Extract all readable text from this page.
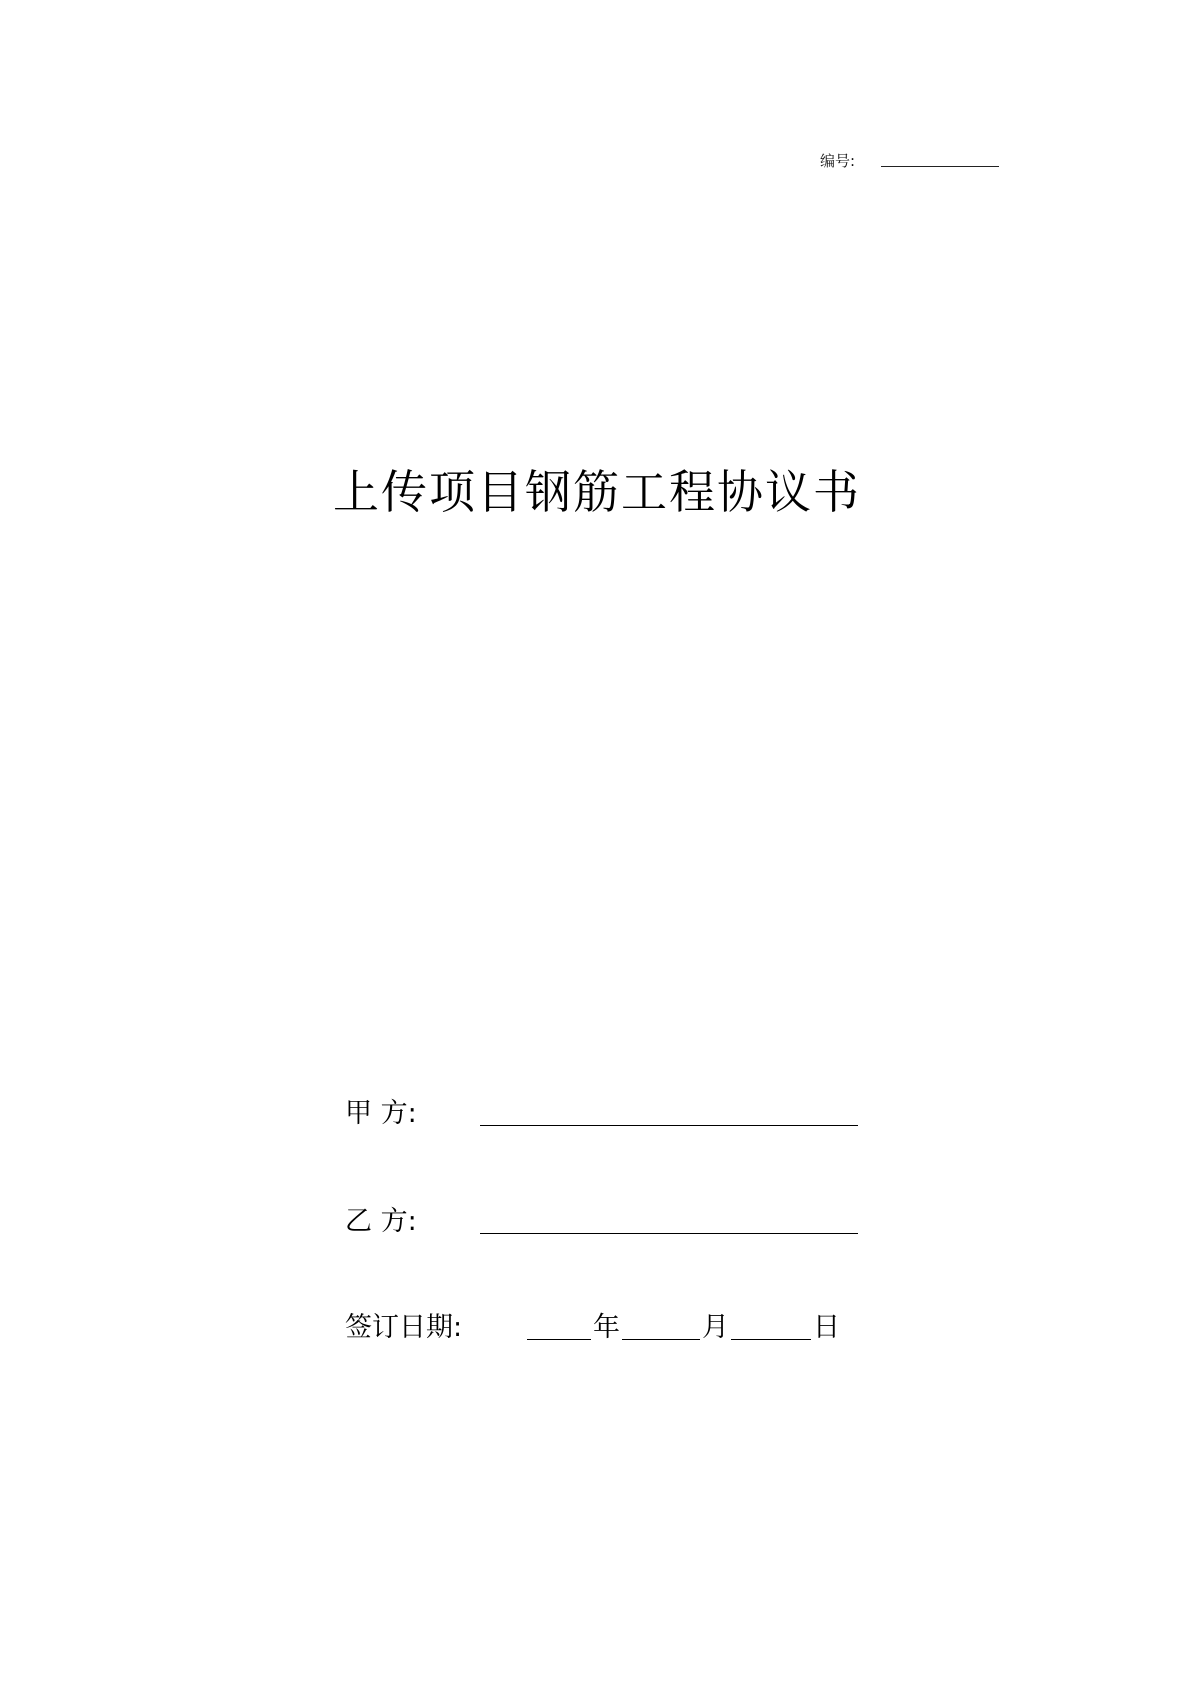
编号:
上传项目钢筋工程协议书
甲 方:
乙 方:
签订日期:	年	月	日
